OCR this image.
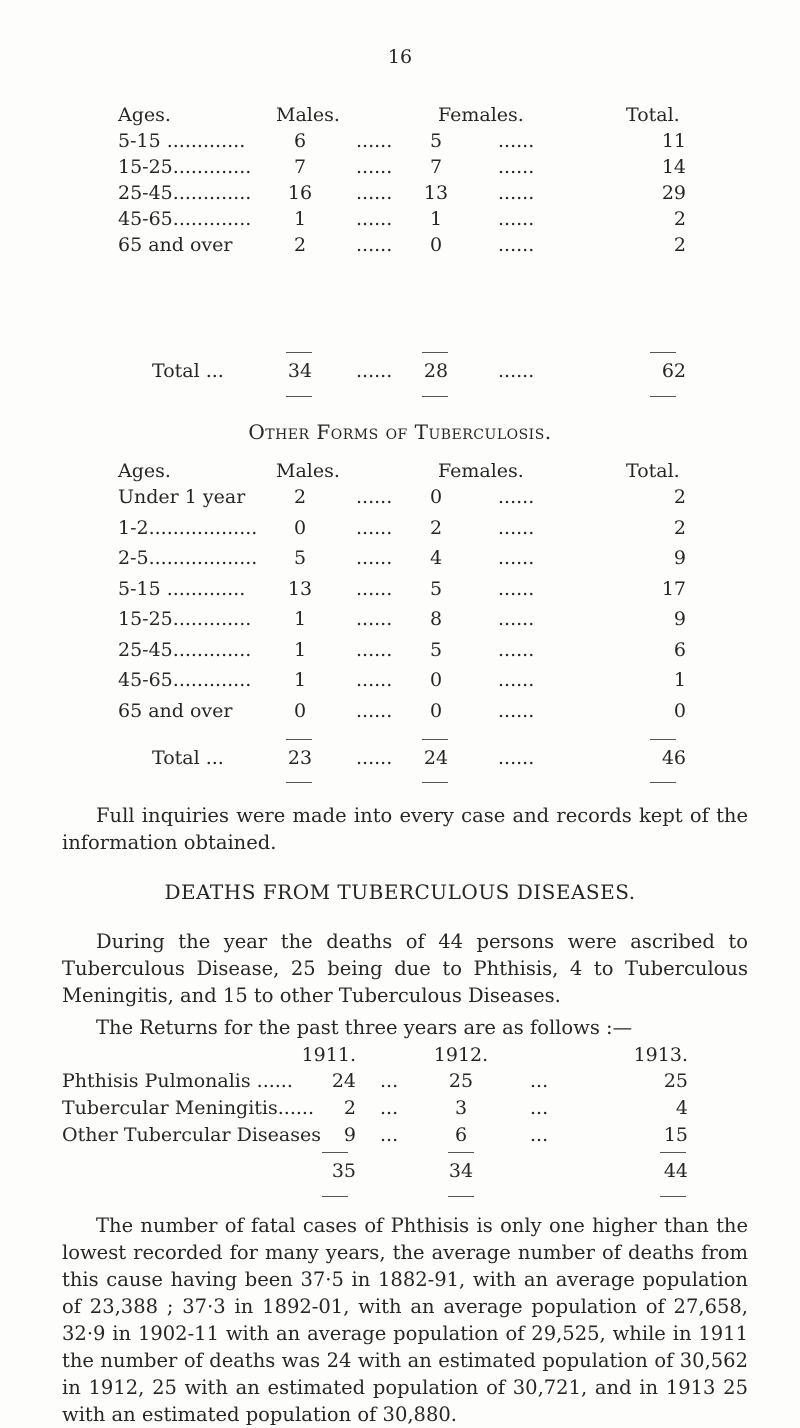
16
Ages.	Males.	Females.	Total.
5-15 .............	6	......	5	......	11
15-25.............	7	......	7	......	14
25-45.............	16	......	13	......	29
45-65.............	1	......	1	......	2
65 and over	2	......	0	......	2
Total ...	34	......	28	......	62
Other Forms of Tuberculosis.
Ages.	Males.	Females.	Total.
Under 1 year	2	......	0	......	2
1-2..................	0	......	2	......	2
2-5..................	5	......	4	......	9
5-15 .............	13	......	5	......	17
15-25.............	1	......	8	......	9
25-45.............	1	......	5	......	6
45-65.............	1	......	0	......	1
65 and over	0	......	0	......	0
Total ...	23	......	24	......	46
Full inquiries were made into every case and records kept of the information obtained.
DEATHS FROM TUBERCULOUS DISEASES.
During the year the deaths of 44 persons were ascribed to Tuberculous Disease, 25 being due to Phthisis, 4 to Tuberculous Meningitis, and 15 to other Tuberculous Diseases.
The Returns for the past three years are as follows :—
1911.	1912.	1913.
Phthisis Pulmonalis ......	24 ...	25	...	25
Tubercular Meningitis......	2 ...	3	...	4
Other Tubercular Diseases	9 ...	6	...	15
35	34	44
The number of fatal cases of Phthisis is only one higher than the lowest recorded for many years, the average number of deaths from this cause having been 37·5 in 1882-91, with an average population of 23,388 ; 37·3 in 1892-01, with an average population of 27,658, 32·9 in 1902-11 with an average population of 29,525, while in 1911 the number of deaths was 24 with an estimated population of 30,562 in 1912, 25 with an estimated population of 30,721, and in 1913 25 with an estimated population of 30,880.
